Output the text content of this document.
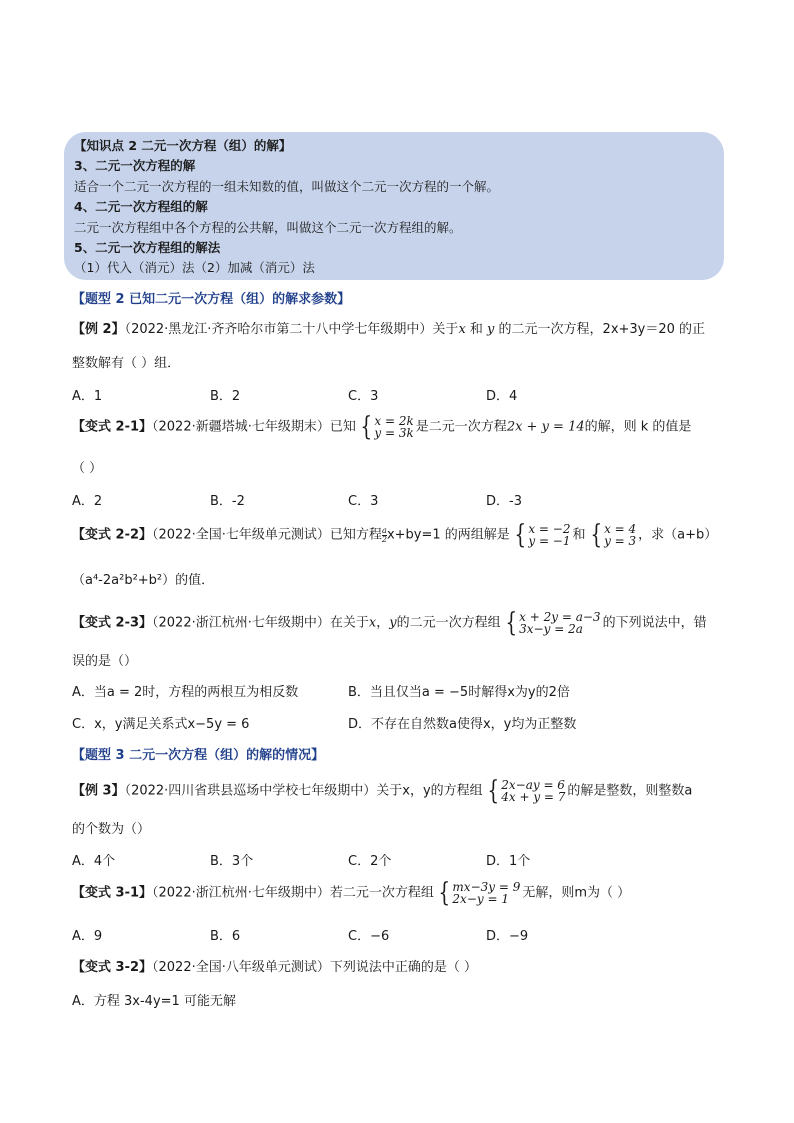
【知识点 2 二元一次方程（组）的解】
3、二元一次方程的解
适合一个二元一次方程的一组未知数的值，叫做这个二元一次方程的一个解。
4、二元一次方程组的解
二元一次方程组中各个方程的公共解，叫做这个二元一次方程组的解。
5、二元一次方程组的解法
（1）代入（消元）法（2）加减（消元）法
【题型 2 已知二元一次方程（组）的解求参数】
【例 2】（2022·黑龙江·齐齐哈尔市第二十八中学七年级期中）关于x 和 y 的二元一次方程，2x+3y＝20 的正
整数解有（ ）组．
A．1	B．2	C．3	D．4
【变式 2-1】（2022·新疆塔城·七年级期末）已知 { x = 2k
y = 3k 是二元一次方程2x + y = 14的解，则 k 的值是
（ ）
A．2	B．-2	C．3	D．-3
【变式 2-2】（2022·全国·七年级单元测试）已知方程 $\frac{a}{2} x+by=1$ 的两组解是 { x = −2
y = −1 和 { x = 4
y = 3 ，求（a+b）
（a⁴-2a²b²+b²）的值．
【变式 2-3】（2022·浙江杭州·七年级期中）在关于x，y的二元一次方程组 { x + 2y = a−3
3x−y = 2a	的下列说法中，错
误的是（）
A．当a = 2时，方程的两根互为相反数	B．当且仅当a = −5时解得x为y的2倍
C．x，y满足关系式x−5y = 6	D．不存在自然数a使得x，y均为正整数
【题型 3 二元一次方程（组）的解的情况】
【例 3】（2022·四川省珙县巡场中学校七年级期中）关于x，y的方程组 { 2x−ay = 6
4x + y = 7 的解是整数，则整数a
的个数为（）
A．4个	B．3个	C．2个	D．1个
【变式 3-1】（2022·浙江杭州·七年级期中）若二元一次方程组 { mx−3y = 9
2x−y = 1	无解，则m为（ ）
A．9	B．6	C．−6	D．−9
【变式 3-2】（2022·全国·八年级单元测试）下列说法中正确的是（ ）
A．方程 3x-4y=1 可能无解
